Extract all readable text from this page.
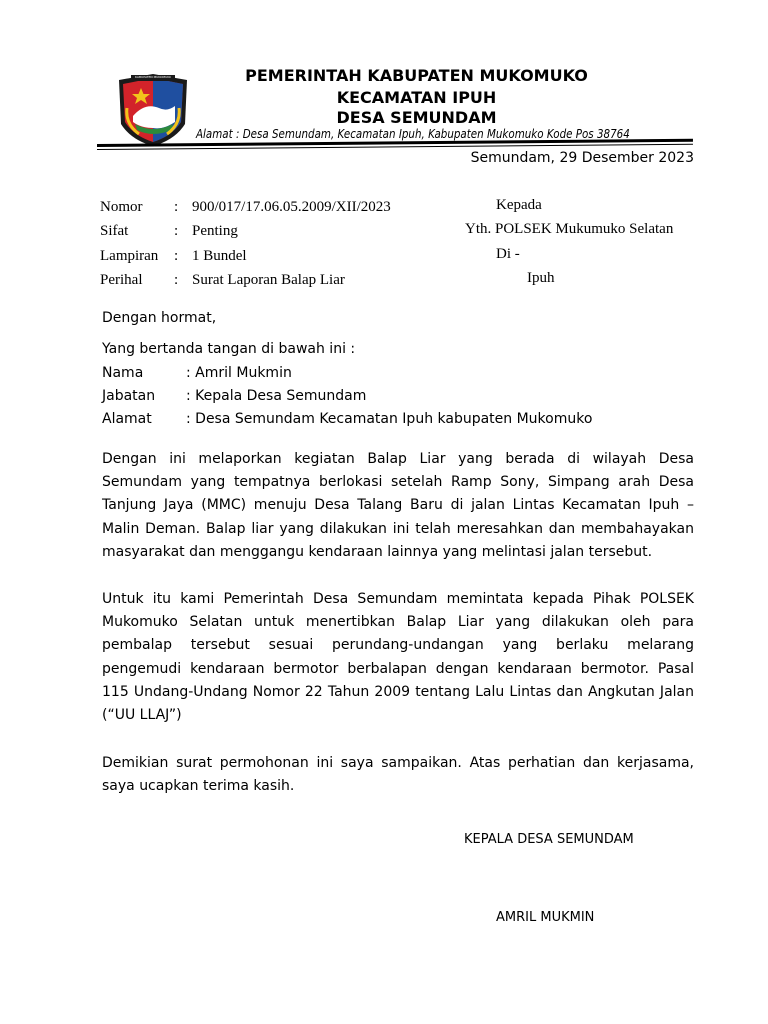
KABUPATEN MUKOMUKO	PEMERINTAH KABUPATEN MUKOMUKO
KECAMATAN IPUH
DESA SEMUNDAM
Alamat : Desa Semundam, Kecamatan Ipuh, Kabupaten Mukomuko Kode Pos 38764
Semundam, 29 Desember 2023
Nomor	: 900/017/17.06.05.2009/XII/2023
Sifat	: Penting
Lampiran	: 1 Bundel
Perihal	: Surat Laporan Balap Liar
Kepada
Yth. POLSEK Mukumuko Selatan
Di -
Ipuh
Dengan hormat,
Yang bertanda tangan di bawah ini :
Nama	: Amril Mukmin
Jabatan : Kepala Desa Semundam
Alamat : Desa Semundam Kecamatan Ipuh kabupaten Mukomuko
Dengan ini melaporkan kegiatan Balap Liar yang berada di wilayah Desa
Semundam yang tempatnya berlokasi setelah Ramp Sony, Simpang arah Desa
Tanjung Jaya (MMC) menuju Desa Talang Baru di jalan Lintas Kecamatan Ipuh –
Malin Deman. Balap liar yang dilakukan ini telah meresahkan dan membahayakan
masyarakat dan menggangu kendaraan lainnya yang melintasi jalan tersebut.
Untuk itu kami Pemerintah Desa Semundam memintata kepada Pihak POLSEK
Mukomuko Selatan untuk menertibkan Balap Liar yang dilakukan oleh para
pembalap tersebut sesuai perundang-undangan yang berlaku melarang
pengemudi kendaraan bermotor berbalapan dengan kendaraan bermotor. Pasal
115 Undang-Undang Nomor 22 Tahun 2009 tentang Lalu Lintas dan Angkutan Jalan
(“UU LLAJ”)
Demikian surat permohonan ini saya sampaikan. Atas perhatian dan kerjasama,
saya ucapkan terima kasih.
KEPALA DESA SEMUNDAM
AMRIL MUKMIN
